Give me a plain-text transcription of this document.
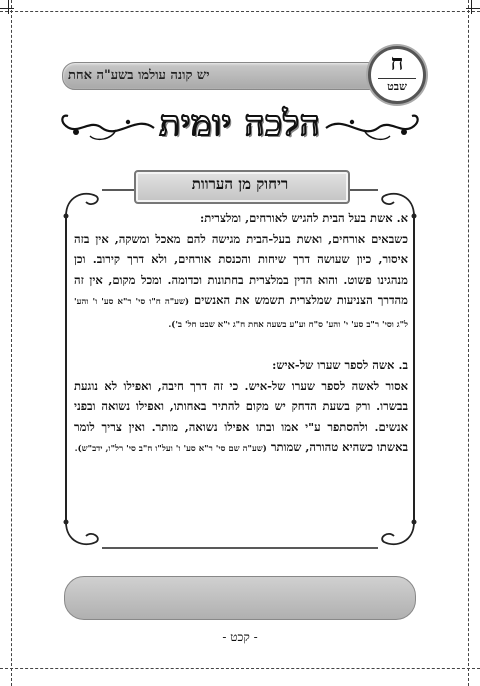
יש קונה עולמו בשע"ה אחת	ח
שבט
הלכה יומית
ריחוק מן הערוות

א. אשת בעל הבית להגיש לאורחים, ומלצרית:
כשבאים אורחים, ואשת בעל-הבית מגישה להם מאכל ומשקה, אין בזה איסור, כיון שעושה דרך שיחות והכנסת אורחים, ולא דרך קירוב. וכן מנהגינו פשוט. והוא הדין במלצרית בחתונות וכדומה. ומכל מקום, אין זה מהדרך הצניעות שמלצרית תשמש את האנשים (שע"ה ח"ו סי' ר"א סע' ו' והע' ל"ג וסי' ר"ב סע' י' והע' ס"ח וע"ע בשעה אחת ח"ג י"א שבט חל' ב').

ב. אשה לספר שערו של-איש:
אסור לאשה לספר שערו של-איש. כי זה דרך חיבה, ואפילו לא נוגעת בבשרו. ורק בשעת הדחק יש מקום להתיר באחותו, ואפילו נשואה ובפני אנשים. ולהסתפר ע"י אמו ובתו אפילו נשואה, מותר. ואין צריך לומר באשתו כשהיא טהורה, שמותר (שע"ה שם סי' ר"א סע' ו' ועל"ו ח"ב סי' רל"ו, ידב"ש).

- קכט -
